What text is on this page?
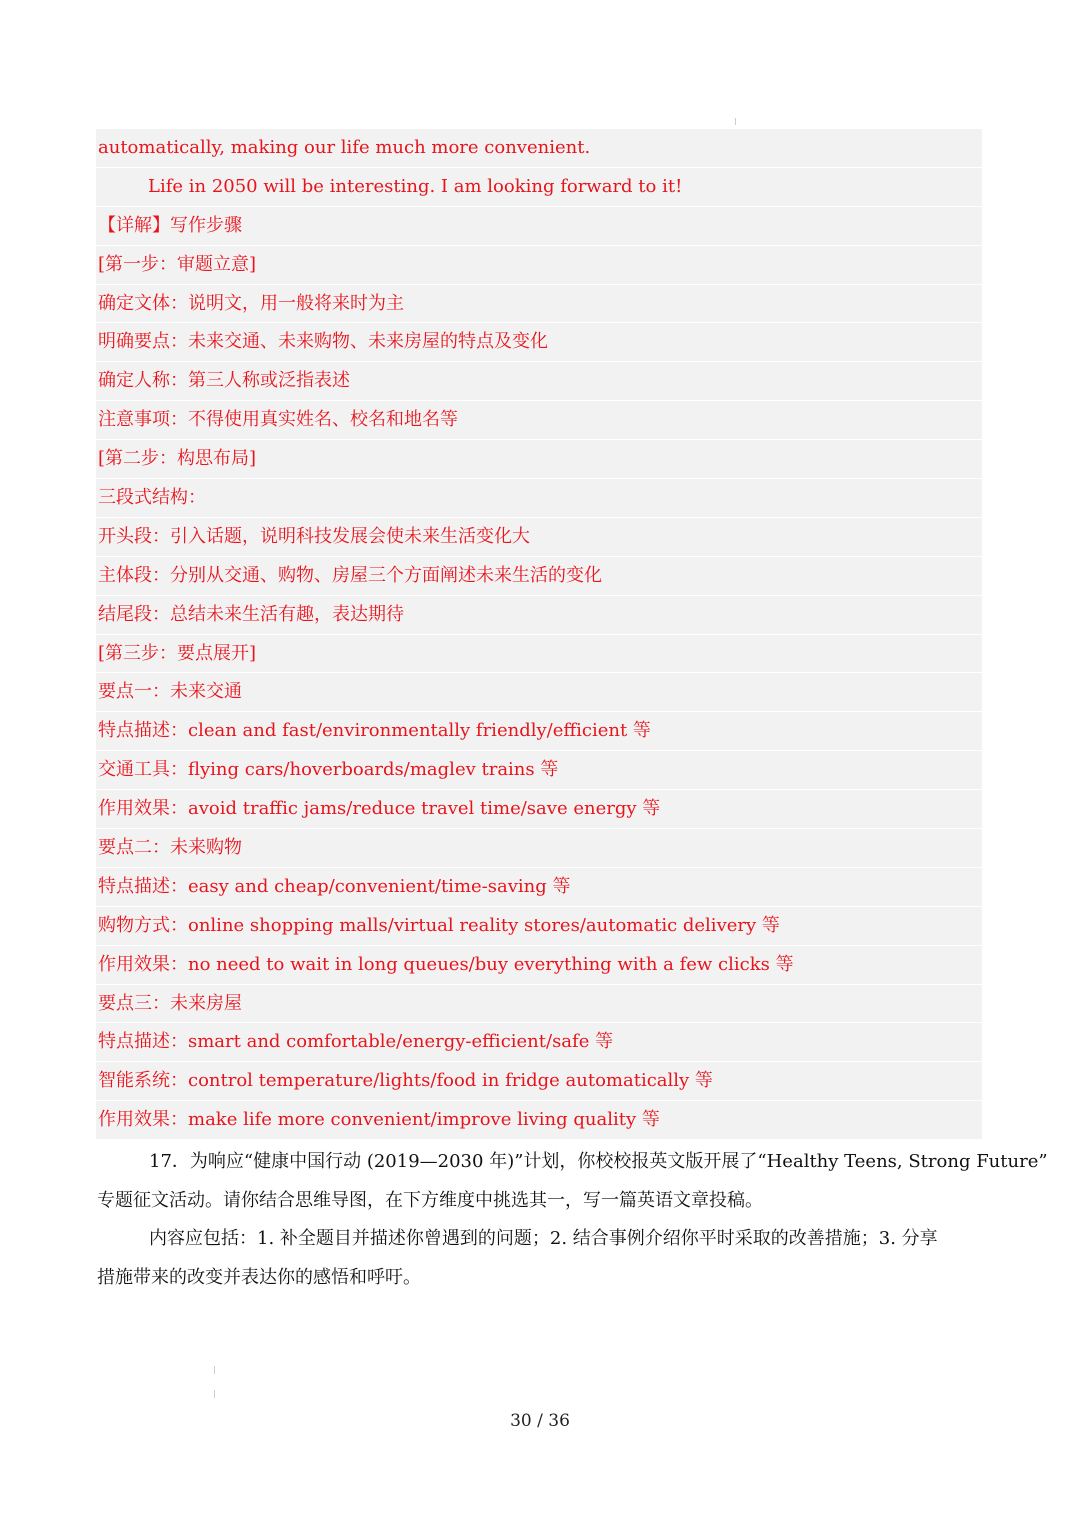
automatically, making our life much more convenient.
Life in 2050 will be interesting. I am looking forward to it!
【详解】写作步骤
[第一步：审题立意]
确定文体：说明文，用一般将来时为主
明确要点：未来交通、未来购物、未来房屋的特点及变化
确定人称：第三人称或泛指表述
注意事项：不得使用真实姓名、校名和地名等
[第二步：构思布局]
三段式结构：
开头段：引入话题，说明科技发展会使未来生活变化大
主体段：分别从交通、购物、房屋三个方面阐述未来生活的变化
结尾段：总结未来生活有趣，表达期待
[第三步：要点展开]
要点一：未来交通
特点描述：clean and fast/environmentally friendly/efficient 等
交通工具：flying cars/hoverboards/maglev trains 等
作用效果：avoid traffic jams/reduce travel time/save energy 等
要点二：未来购物
特点描述：easy and cheap/convenient/time-saving 等
购物方式：online shopping malls/virtual reality stores/automatic delivery 等
作用效果：no need to wait in long queues/buy everything with a few clicks 等
要点三：未来房屋
特点描述：smart and comfortable/energy-efficient/safe 等
智能系统：control temperature/lights/food in fridge automatically 等
作用效果：make life more convenient/improve living quality 等
17．为响应“健康中国行动 (2019—2030 年)”计划，你校校报英文版开展了“Healthy Teens, Strong Future”
专题征文活动。请你结合思维导图，在下方维度中挑选其一，写一篇英语文章投稿。
内容应包括：1. 补全题目并描述你曾遇到的问题；2. 结合事例介绍你平时采取的改善措施；3. 分享
措施带来的改变并表达你的感悟和呼吁。
30 / 36
